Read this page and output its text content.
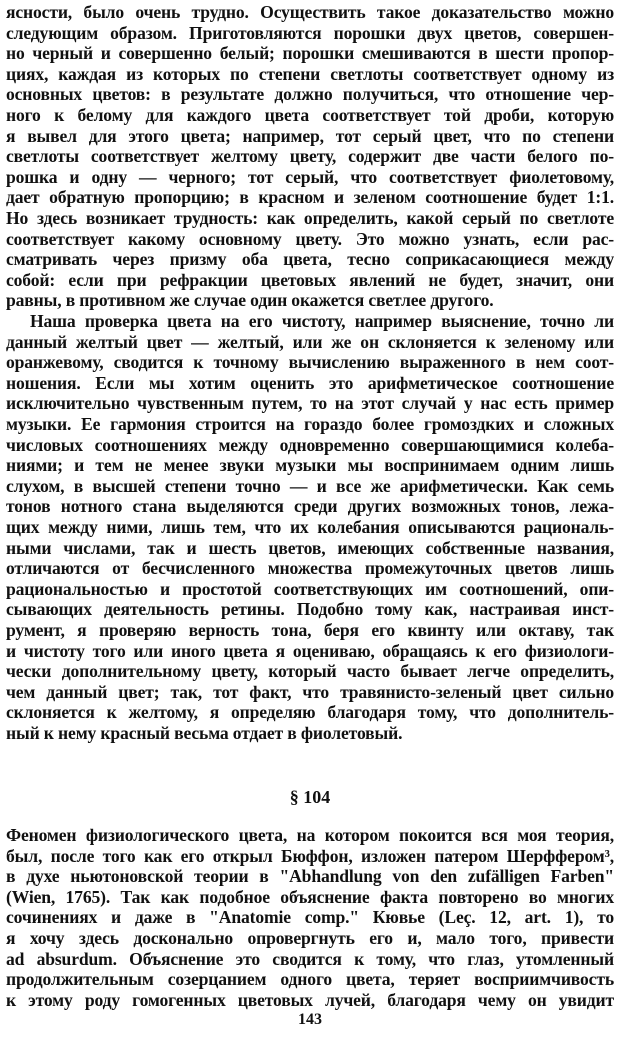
ясности, было очень трудно. Осуществить такое доказательство можно
следующим образом. Приготовляются порошки двух цветов, совершен-
но черный и совершенно белый; порошки смешиваются в шести пропор-
циях, каждая из которых по степени светлоты соответствует одному из
основных цветов: в результате должно получиться, что отношение чер-
ного к белому для каждого цвета соответствует той дроби, которую
я вывел для этого цвета; например, тот серый цвет, что по степени
светлоты соответствует желтому цвету, содержит две части белого по-
рошка и одну — черного; тот серый, что соответствует фиолетовому,
дает обратную пропорцию; в красном и зеленом соотношение будет 1:1.
Но здесь возникает трудность: как определить, какой серый по светлоте
соответствует какому основному цвету. Это можно узнать, если рас-
сматривать через призму оба цвета, тесно соприкасающиеся между
собой: если при рефракции цветовых явлений не будет, значит, они
равны, в противном же случае один окажется светлее другого.
Наша проверка цвета на его чистоту, например выяснение, точно ли
данный желтый цвет — желтый, или же он склоняется к зеленому или
оранжевому, сводится к точному вычислению выраженного в нем соот-
ношения. Если мы хотим оценить это арифметическое соотношение
исключительно чувственным путем, то на этот случай у нас есть пример
музыки. Ее гармония строится на гораздо более громоздких и сложных
числовых соотношениях между одновременно совершающимися колеба-
ниями; и тем не менее звуки музыки мы воспринимаем одним лишь
слухом, в высшей степени точно — и все же арифметически. Как семь
тонов нотного стана выделяются среди других возможных тонов, лежа-
щих между ними, лишь тем, что их колебания описываются рациональ-
ными числами, так и шесть цветов, имеющих собственные названия,
отличаются от бесчисленного множества промежуточных цветов лишь
рациональностью и простотой соответствующих им соотношений, опи-
сывающих деятельность ретины. Подобно тому как, настраивая инст-
румент, я проверяю верность тона, беря его квинту или октаву, так
и чистоту того или иного цвета я оцениваю, обращаясь к его физиологи-
чески дополнительному цвету, который часто бывает легче определить,
чем данный цвет; так, тот факт, что травянисто-зеленый цвет сильно
склоняется к желтому, я определяю благодаря тому, что дополнитель-
ный к нему красный весьма отдает в фиолетовый.
§ 104
Феномен физиологического цвета, на котором покоится вся моя теория,
был, после того как его открыл Бюффон, изложен патером Шерффером³,
в духе ньютоновской теории в "Abhandlung von den zufälligen Farben"
(Wien, 1765). Так как подобное объяснение факта повторено во многих
сочинениях и даже в "Anatomie comp." Кювье (Leç. 12, art. 1), то
я хочу здесь досконально опровергнуть его и, мало того, привести
ad absurdum. Объяснение это сводится к тому, что глаз, утомленный
продолжительным созерцанием одного цвета, теряет восприимчивость
к этому роду гомогенных цветовых лучей, благодаря чему он увидит
143
